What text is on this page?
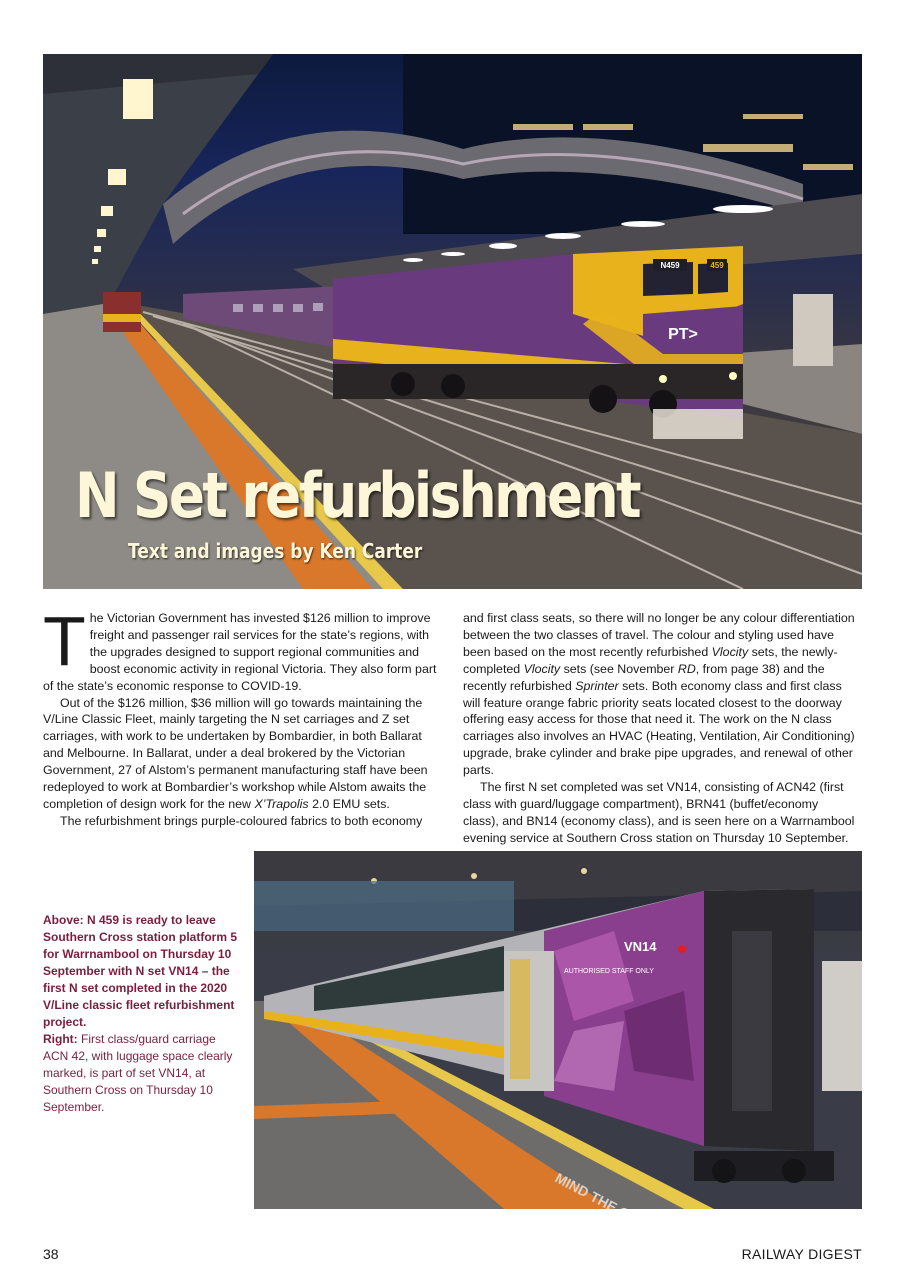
N459	459
PT>
N Set refurbishment

Text and images by Ken Carter

The Victorian Government has invested $126 million to improve freight and passenger rail services for the state’s regions, with the upgrades designed to support regional communities and boost economic activity in regional Victoria. They also form part of the state’s economic response to COVID-19.

Out of the $126 million, $36 million will go towards maintaining the V/Line Classic Fleet, mainly targeting the N set carriages and Z set carriages, with work to be undertaken by Bombardier, in both Ballarat and Melbourne. In Ballarat, under a deal brokered by the Victorian Government, 27 of Alstom’s permanent manufacturing staff have been redeployed to work at Bombardier’s workshop while Alstom awaits the completion of design work for the new X’Trapolis 2.0 EMU sets.

The refurbishment brings purple-coloured fabrics to both economy

and first class seats, so there will no longer be any colour differentiation between the two classes of travel. The colour and styling used have been based on the most recently refurbished Vlocity sets, the newly-completed Vlocity sets (see November RD, from page 38) and the recently refurbished Sprinter sets. Both economy class and first class will feature orange fabric priority seats located closest to the doorway offering easy access for those that need it. The work on the N class carriages also involves an HVAC (Heating, Ventilation, Air Conditioning) upgrade, brake cylinder and brake pipe upgrades, and renewal of other parts.

The first N set completed was set VN14, consisting of ACN42 (first class with guard/luggage compartment), BRN41 (buffet/economy class), and BN14 (economy class), and is seen here on a Warrnambool evening service at Southern Cross station on Thursday 10 September.

VN14
AUTHORISED STAFF ONLY
Above: N 459 is ready to leave Southern Cross station platform 5 for Warrnambool on Thursday 10 September with N set VN14 – the first N set completed in the 2020 V/Line classic fleet refurbishment project.
Right: First class/guard carriage ACN 42, with luggage space clearly marked, is part of set VN14, at Southern Cross on Thursday 10 September.
38	RAILWAY DIGEST
